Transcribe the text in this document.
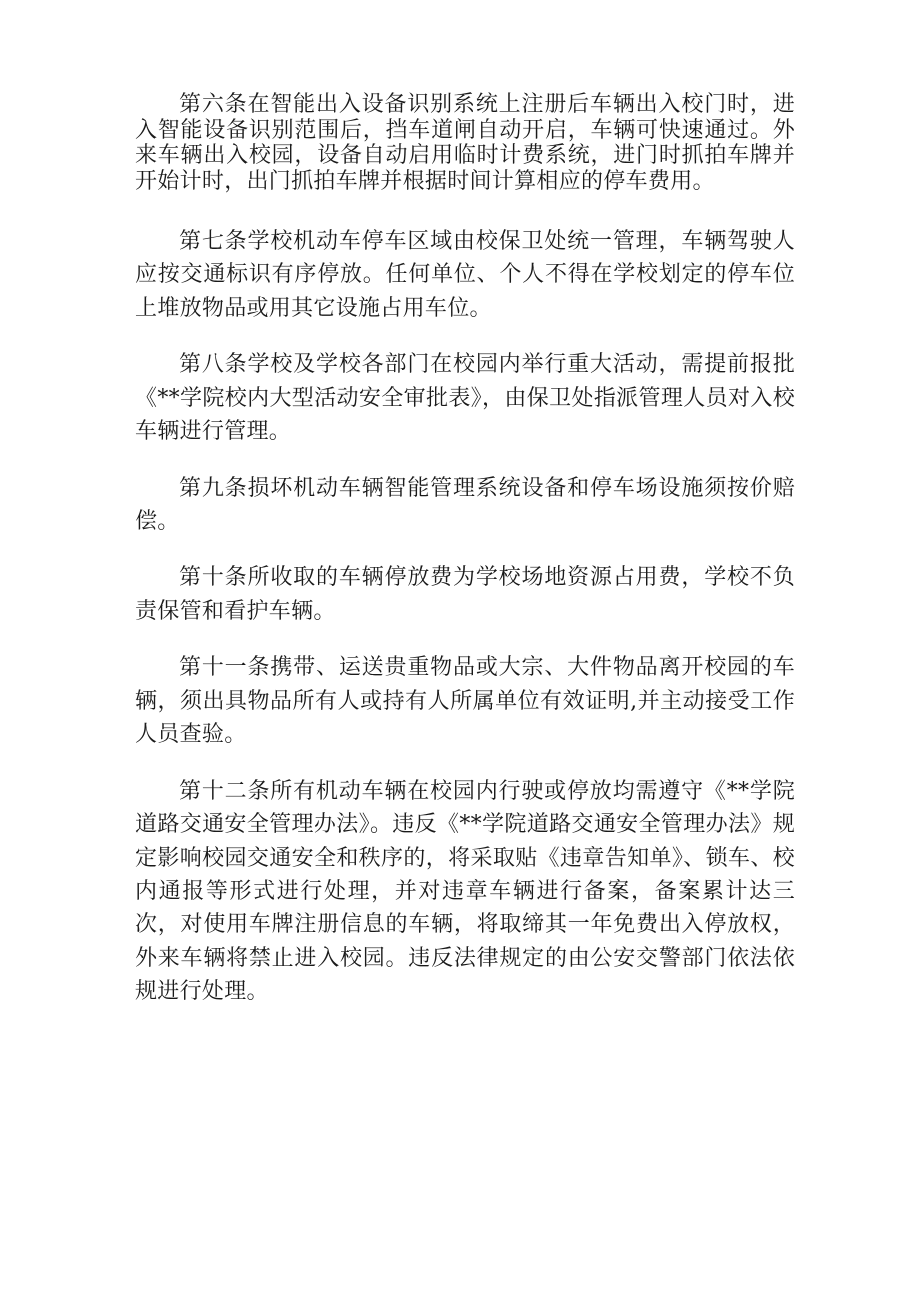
第六条在智能出入设备识别系统上注册后车辆出入校门时，进入智能设备识别范围后，挡车道闸自动开启，车辆可快速通过。外来车辆出入校园，设备自动启用临时计费系统，进门时抓拍车牌并开始计时，出门抓拍车牌并根据时间计算相应的停车费用。

第七条学校机动车停车区域由校保卫处统一管理，车辆驾驶人应按交通标识有序停放。任何单位、个人不得在学校划定的停车位上堆放物品或用其它设施占用车位。

第八条学校及学校各部门在校园内举行重大活动，需提前报批《**学院校内大型活动安全审批表》，由保卫处指派管理人员对入校车辆进行管理。

第九条损坏机动车辆智能管理系统设备和停车场设施须按价赔偿。

第十条所收取的车辆停放费为学校场地资源占用费，学校不负责保管和看护车辆。

第十一条携带、运送贵重物品或大宗、大件物品离开校园的车辆，须出具物品所有人或持有人所属单位有效证明,并主动接受工作人员查验。

第十二条所有机动车辆在校园内行驶或停放均需遵守《**学院道路交通安全管理办法》。违反《**学院道路交通安全管理办法》规定影响校园交通安全和秩序的，将采取贴《违章告知单》、锁车、校内通报等形式进行处理，并对违章车辆进行备案，备案累计达三次，对使用车牌注册信息的车辆，将取缔其一年免费出入停放权，外来车辆将禁止进入校园。违反法律规定的由公安交警部门依法依规进行处理。
